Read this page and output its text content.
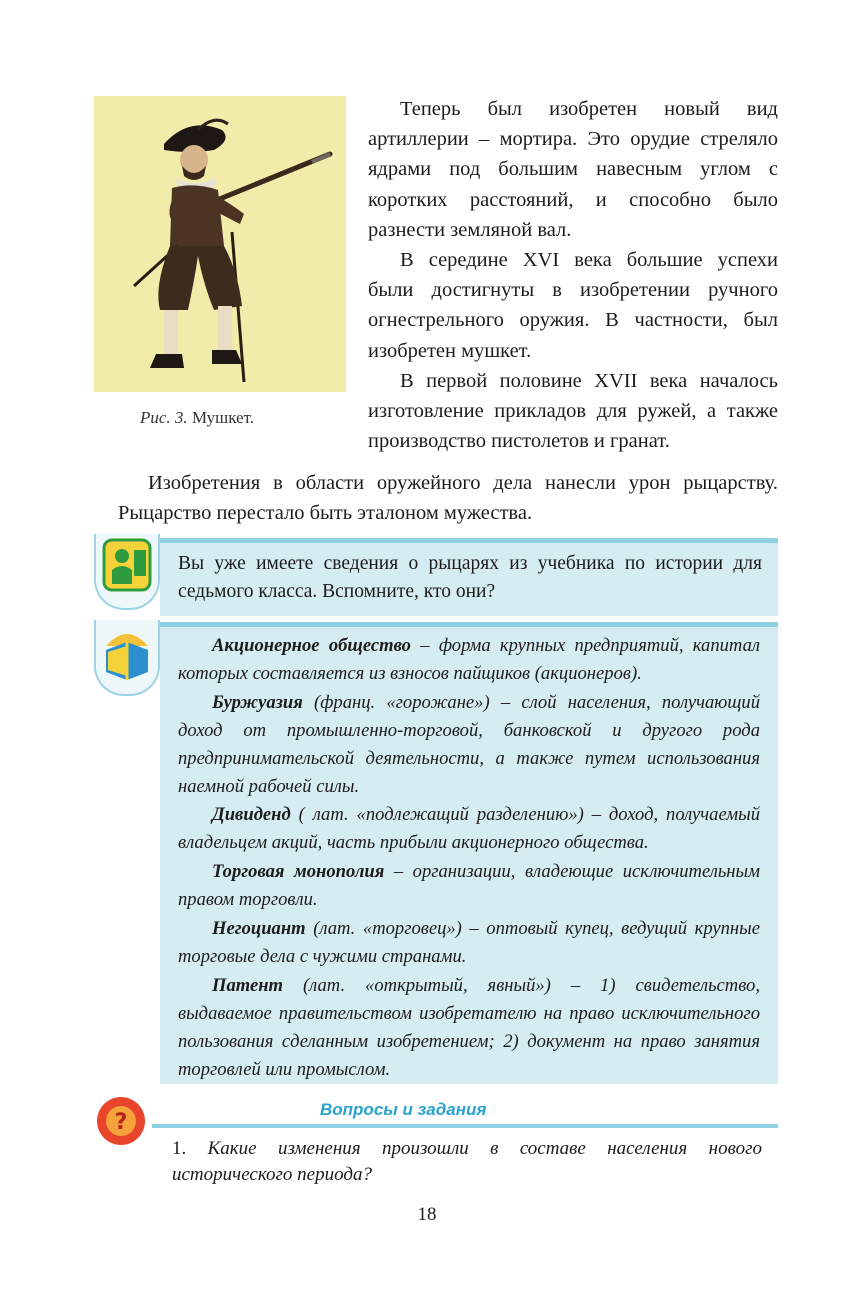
Рис. 3. Мушкет.

Теперь был изобретен новый вид артиллерии – мортира. Это орудие стреляло ядрами под большим навесным углом с коротких расстояний, и способно было разнести земляной вал.

В середине XVI века большие успехи были достигнуты в изобретении ручного огнестрельного оружия. В частности, был изобретен мушкет.

В первой половине XVII века началось изготовление прикладов для ружей, а также производство пистолетов и гранат.

Изобретения в области оружейного дела нанесли урон рыцарству. Рыцарство перестало быть эталоном мужества.

Вы уже имеете сведения о рыцарях из учебника по истории для седьмого класса. Вспомните, кто они?

Акционерное общество – форма крупных предприятий, капитал которых составляется из взносов пайщиков (акционеров).

Буржуазия (франц. «горожане») – слой населения, получающий доход от промышленно-торговой, банковской и другого рода предпринимательской деятельности, а также путем использования наемной рабочей силы.

Дивиденд ( лат. «подлежащий разделению») – доход, получаемый владельцем акций, часть прибыли акционерного общества.

Торговая монополия – организации, владеющие исключительным правом торговли.

Негоциант (лат. «торговец») – оптовый купец, ведущий крупные торговые дела с чужими странами.

Патент (лат. «открытый, явный») – 1) свидетельство, выдаваемое правительством изобретателю на право исключительного пользования сделанным изобретением; 2) документ на право занятия торговлей или промыслом.

?
Вопросы и задания
1. Какие изменения произошли в составе населения нового исторического периода?
18
